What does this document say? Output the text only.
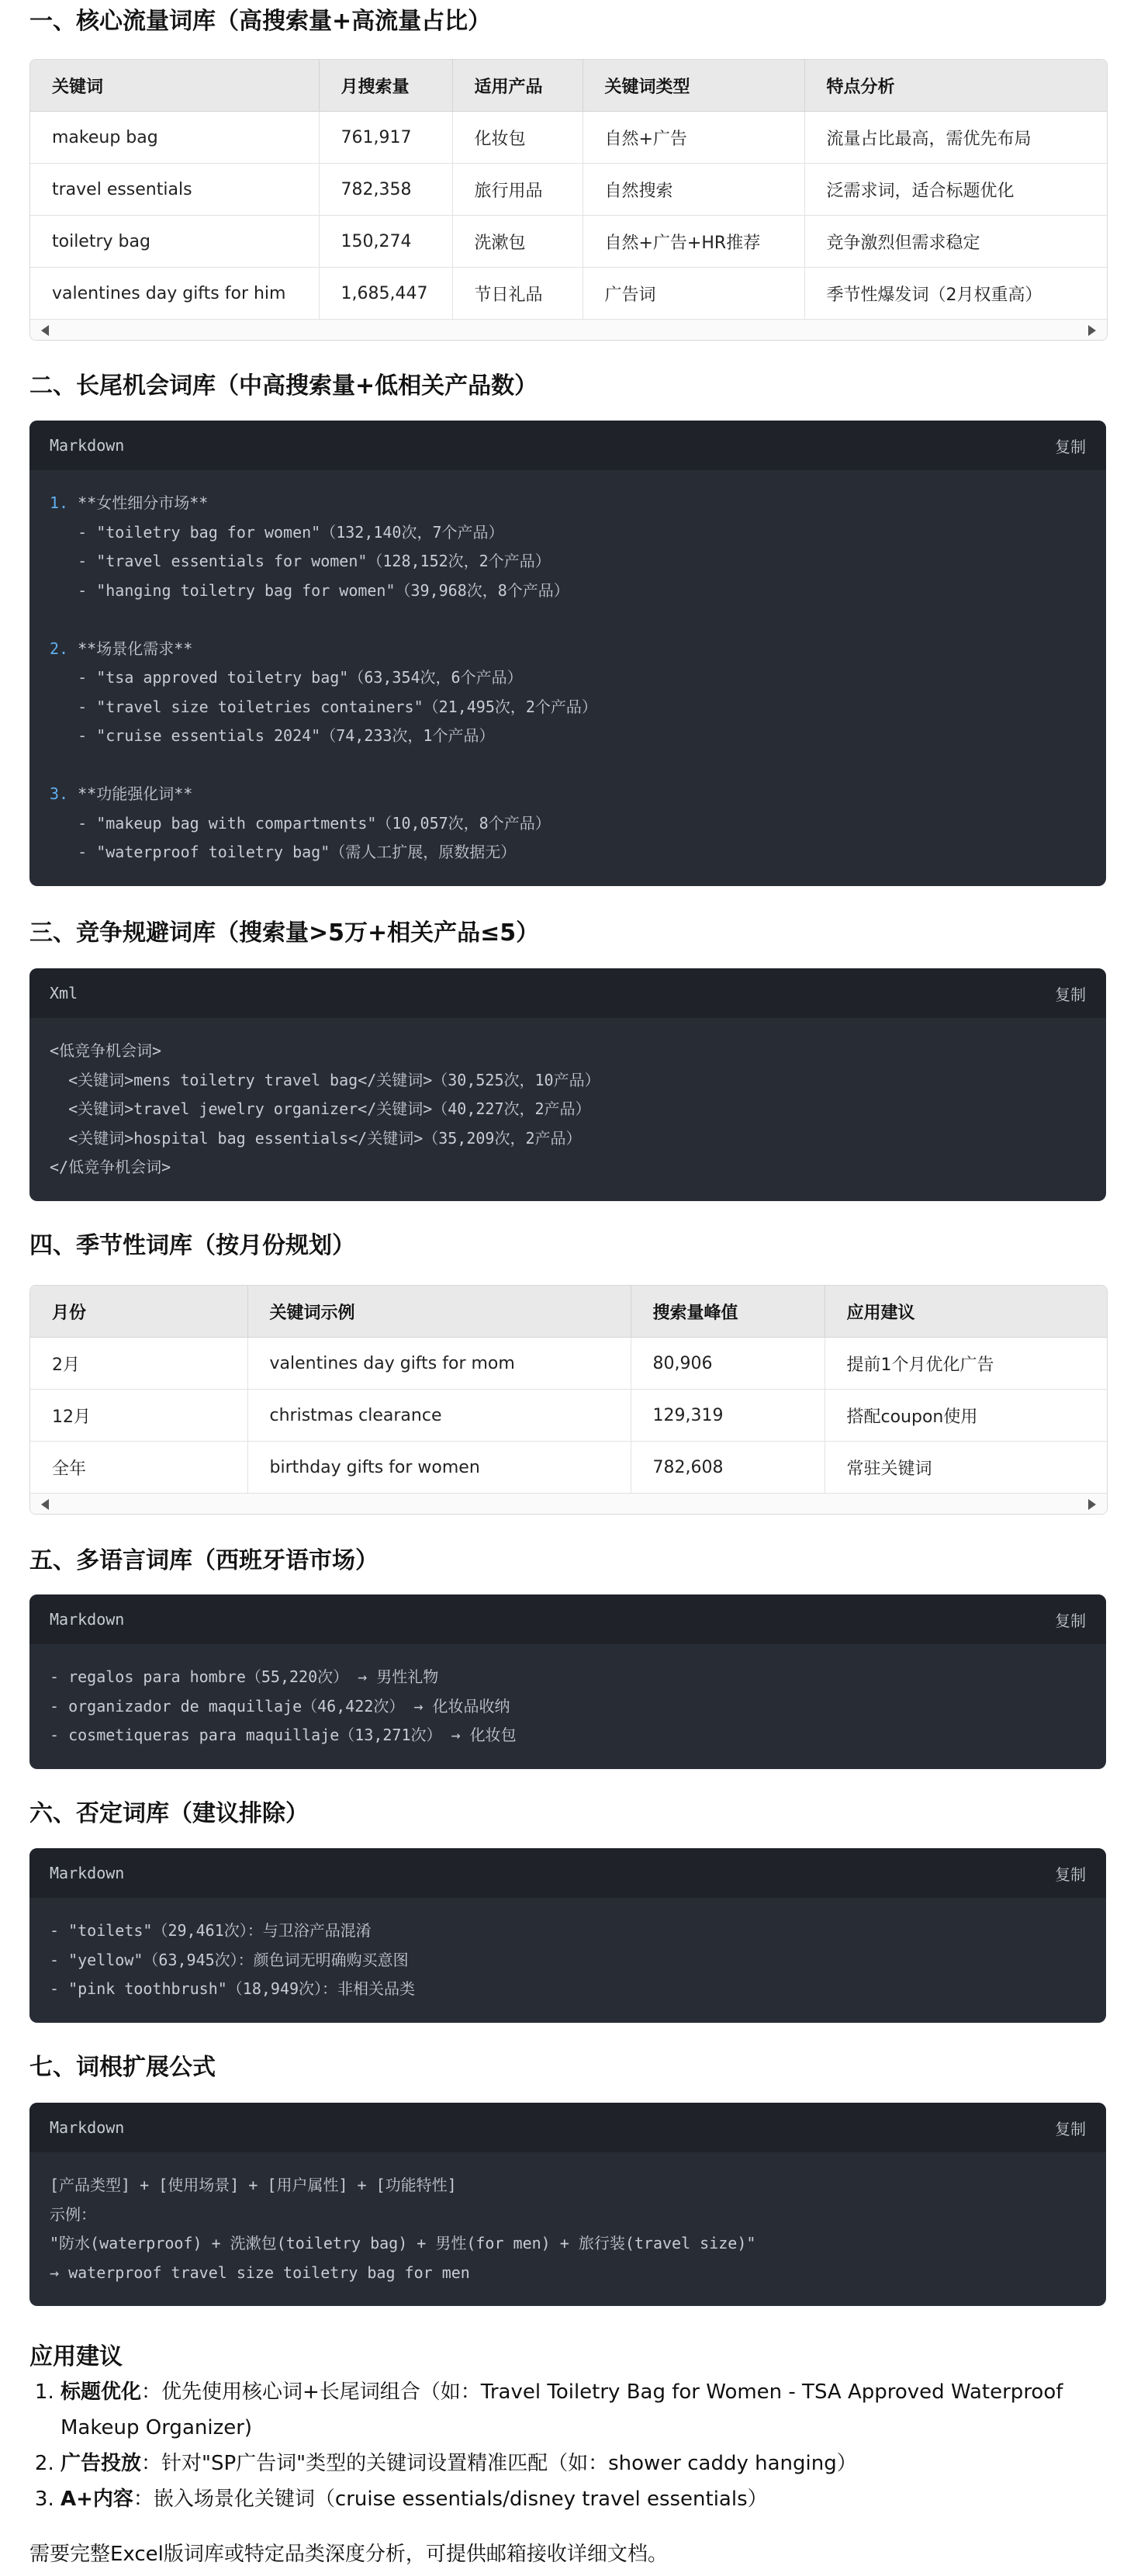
一、核心流量词库（高搜索量+高流量占比）
关键词	月搜索量	适用产品	关键词类型	特点分析
makeup bag	761,917	化妆包	自然+广告	流量占比最高，需优先布局
travel essentials	782,358	旅行用品	自然搜索	泛需求词，适合标题优化
toiletry bag	150,274	洗漱包	自然+广告+HR推荐	竞争激烈但需求稳定
valentines day gifts for him	1,685,447	节日礼品	广告词	季节性爆发词（2月权重高）
二、长尾机会词库（中高搜索量+低相关产品数）
Markdown	复制
1. **女性细分市场**
- "toiletry bag for women"（132,140次，7个产品）
- "travel essentials for women"（128,152次，2个产品）
- "hanging toiletry bag for women"（39,968次，8个产品）

2. **场景化需求**
- "tsa approved toiletry bag"（63,354次，6个产品）
- "travel size toiletries containers"（21,495次，2个产品）
- "cruise essentials 2024"（74,233次，1个产品）

3. **功能强化词**
- "makeup bag with compartments"（10,057次，8个产品）
- "waterproof toiletry bag"（需人工扩展，原数据无）
三、竞争规避词库（搜索量>5万+相关产品≤5）
Xml	复制
<低竞争机会词>
<关键词>mens toiletry travel bag</关键词>（30,525次，10产品）
<关键词>travel jewelry organizer</关键词>（40,227次，2产品）
<关键词>hospital bag essentials</关键词>（35,209次，2产品）
</低竞争机会词>
四、季节性词库（按月份规划）
月份	关键词示例	搜索量峰值	应用建议
2月	valentines day gifts for mom	80,906	提前1个月优化广告
12月	christmas clearance	129,319	搭配coupon使用
全年	birthday gifts for women	782,608	常驻关键词
五、多语言词库（西班牙语市场）
Markdown	复制
- regalos para hombre（55,220次） → 男性礼物
- organizador de maquillaje（46,422次） → 化妆品收纳
- cosmetiqueras para maquillaje（13,271次） → 化妆包
六、否定词库（建议排除）
Markdown	复制
- "toilets"（29,461次）：与卫浴产品混淆
- "yellow"（63,945次）：颜色词无明确购买意图
- "pink toothbrush"（18,949次）：非相关品类
七、词根扩展公式
Markdown	复制
[产品类型] + [使用场景] + [用户属性] + [功能特性]
示例：
"防水(waterproof) + 洗漱包(toiletry bag) + 男性(for men) + 旅行装(travel size)"
→ waterproof travel size toiletry bag for men
应用建议
1. 标题优化：优先使用核心词+长尾词组合（如：Travel Toiletry Bag for Women - TSA Approved Waterproof Makeup Organizer)
2. 广告投放：针对"SP广告词"类型的关键词设置精准匹配（如：shower caddy hanging）
3. A+内容：嵌入场景化关键词（cruise essentials/disney travel essentials）
需要完整Excel版词库或特定品类深度分析，可提供邮箱接收详细文档。
